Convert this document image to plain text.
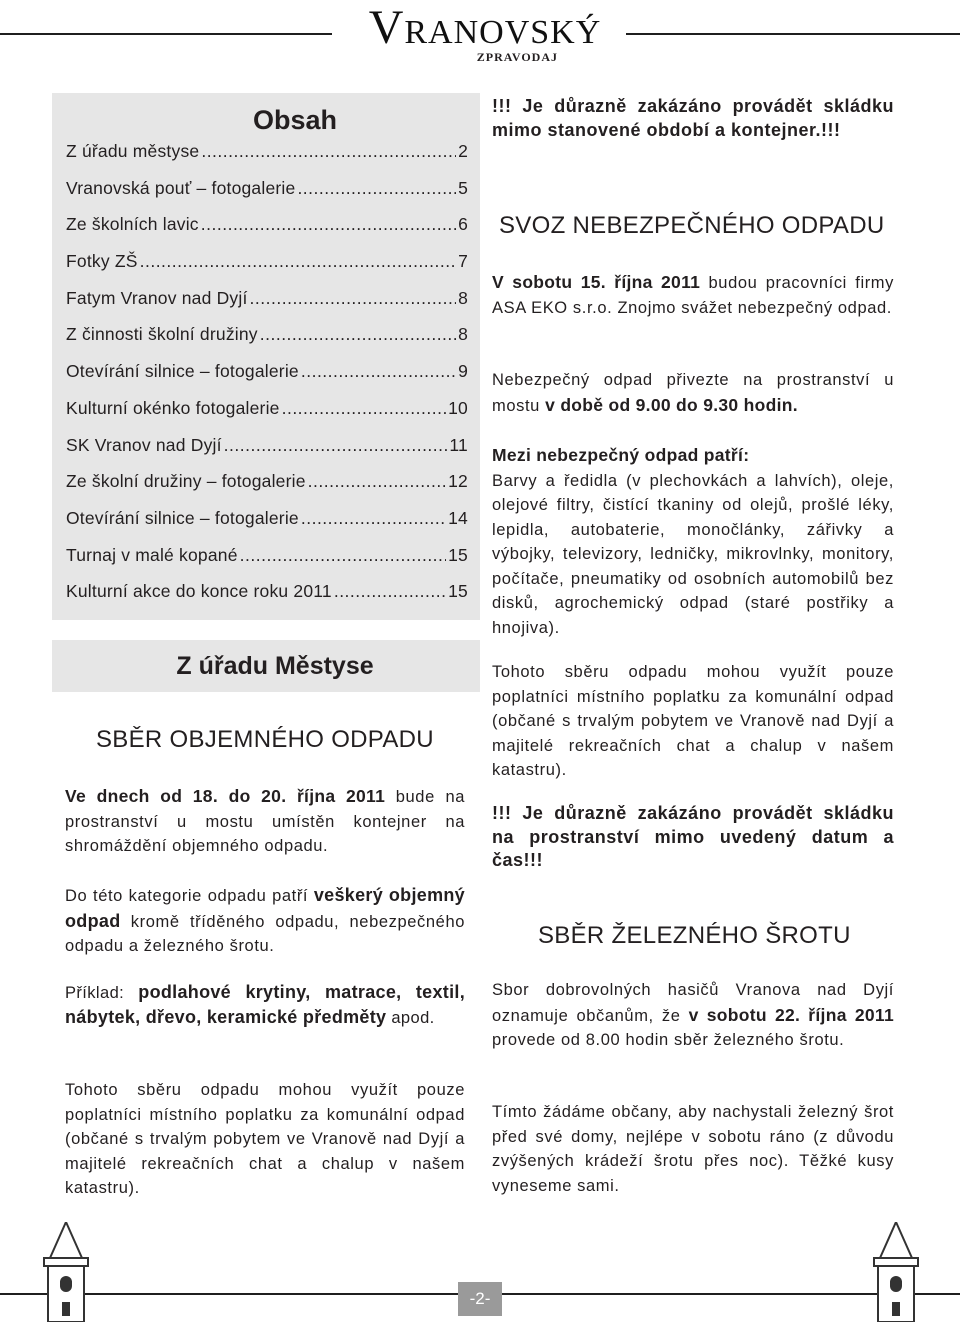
Vranovský
ZPRAVODAJ
Obsah
Z úřadu městyse .....	2
Vranovská pouť – fotogalerie .....	5
Ze školních lavic .....	6
Fotky ZŠ .....	7
Fatym Vranov nad Dyjí .....	8
Z činnosti školní družiny .....	8
Otevírání silnice – fotogalerie .....	9
Kulturní okénko fotogalerie .....	10
SK Vranov nad Dyjí .....	11
Ze školní družiny – fotogalerie .....	12
Otevírání silnice – fotogalerie .....	14
Turnaj v malé kopané .....	15
Kulturní akce do konce roku 2011 .....	15
Z úřadu Městyse
SBĚR OBJEMNÉHO ODPADU

Ve dnech od 18. do 20. října 2011 bude na prostranství u mostu umístěn kontejner na shromáždění objemného odpadu.

Do této kategorie odpadu patří veškerý objemný odpad kromě tříděného odpadu, nebezpečného odpadu a železného šrotu.

Příklad: podlahové krytiny, matrace, textil, nábytek, dřevo, keramické předměty apod.

Tohoto sběru odpadu mohou využít pouze poplatníci místního poplatku za komunální odpad (občané s trvalým pobytem ve Vranově nad Dyjí a majitelé rekreačních chat a chalup v našem katastru).

!!! Je důrazně zakázáno provádět skládku mimo stanovené období a kontejner.!!!

SVOZ NEBEZPEČNÉHO ODPADU

V sobotu 15. října 2011 budou pracovníci firmy ASA EKO s.r.o. Znojmo svážet nebezpečný odpad.

Nebezpečný odpad přivezte na prostranství u mostu v době od 9.00 do 9.30 hodin.

Mezi nebezpečný odpad patří:
Barvy a ředidla (v plechovkách a lahvích), oleje, olejové filtry, čistící tkaniny od olejů, prošlé léky, lepidla, autobaterie, monočlánky, zářivky a výbojky, televizory, ledničky, mikrovlnky, monitory, počítače, pneumatiky od osobních automobilů bez disků, agrochemický odpad (staré postřiky a hnojiva).

Tohoto sběru odpadu mohou využít pouze poplatníci místního poplatku za komunální odpad (občané s trvalým pobytem ve Vranově nad Dyjí a majitelé rekreačních chat a chalup v našem katastru).

!!! Je důrazně zakázáno provádět skládku na prostranství mimo uvedený datum a čas!!!

SBĚR ŽELEZNÉHO ŠROTU

Sbor dobrovolných hasičů Vranova nad Dyjí oznamuje občanům, že v sobotu 22. října 2011 provede od 8.00 hodin sběr železného šrotu.

Tímto žádáme občany, aby nachystali železný šrot před své domy, nejlépe v sobotu ráno (z důvodu zvýšených krádeží šrotu přes noc). Těžké kusy vyneseme sami.

-2-
